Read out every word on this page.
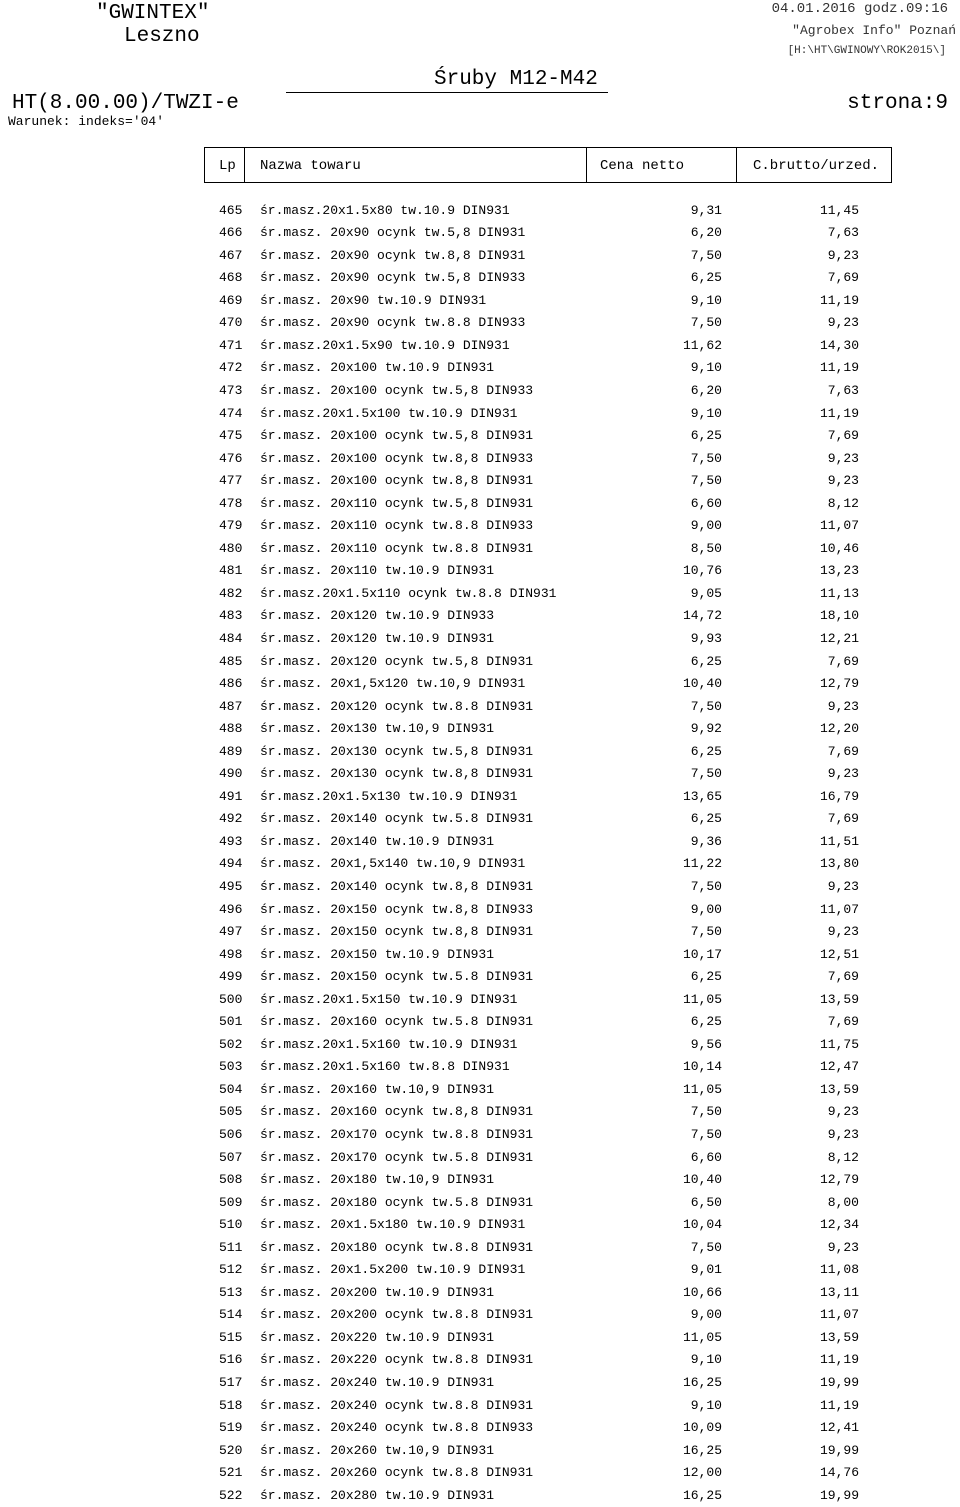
"GWINTEX"
Leszno
04.01.2016 godz.09:16
"Agrobex Info" Poznań
[H:\HT\GWINOWY\ROK2015\]
Śruby M12-M42
HT(8.00.00)/TWZI-e	strona:9
Warunek: indeks='04'
Lp Nazwa towaru	Cena netto	C.brutto/urzed.
465 śr.masz.20x1.5x80 tw.10.9 DIN931	9,31	11,45
466 śr.masz. 20x90 ocynk tw.5,8 DIN931	6,20	7,63
467 śr.masz. 20x90 ocynk tw.8,8 DIN931	7,50	9,23
468 śr.masz. 20x90 ocynk tw.5,8 DIN933	6,25	7,69
469 śr.masz. 20x90 tw.10.9 DIN931	9,10	11,19
470 śr.masz. 20x90 ocynk tw.8.8 DIN933	7,50	9,23
471 śr.masz.20x1.5x90 tw.10.9 DIN931	11,62	14,30
472 śr.masz. 20x100 tw.10.9 DIN931	9,10	11,19
473 śr.masz. 20x100 ocynk tw.5,8 DIN933	6,20	7,63
474 śr.masz.20x1.5x100 tw.10.9 DIN931	9,10	11,19
475 śr.masz. 20x100 ocynk tw.5,8 DIN931	6,25	7,69
476 śr.masz. 20x100 ocynk tw.8,8 DIN933	7,50	9,23
477 śr.masz. 20x100 ocynk tw.8,8 DIN931	7,50	9,23
478 śr.masz. 20x110 ocynk tw.5,8 DIN931	6,60	8,12
479 śr.masz. 20x110 ocynk tw.8.8 DIN933	9,00	11,07
480 śr.masz. 20x110 ocynk tw.8.8 DIN931	8,50	10,46
481 śr.masz. 20x110 tw.10.9 DIN931	10,76	13,23
482 śr.masz.20x1.5x110 ocynk tw.8.8 DIN931	9,05	11,13
483 śr.masz. 20x120 tw.10.9 DIN933	14,72	18,10
484 śr.masz. 20x120 tw.10.9 DIN931	9,93	12,21
485 śr.masz. 20x120 ocynk tw.5,8 DIN931	6,25	7,69
486 śr.masz. 20x1,5x120 tw.10,9 DIN931	10,40	12,79
487 śr.masz. 20x120 ocynk tw.8.8 DIN931	7,50	9,23
488 śr.masz. 20x130 tw.10,9 DIN931	9,92	12,20
489 śr.masz. 20x130 ocynk tw.5,8 DIN931	6,25	7,69
490 śr.masz. 20x130 ocynk tw.8,8 DIN931	7,50	9,23
491 śr.masz.20x1.5x130 tw.10.9 DIN931	13,65	16,79
492 śr.masz. 20x140 ocynk tw.5.8 DIN931	6,25	7,69
493 śr.masz. 20x140 tw.10.9 DIN931	9,36	11,51
494 śr.masz. 20x1,5x140 tw.10,9 DIN931	11,22	13,80
495 śr.masz. 20x140 ocynk tw.8,8 DIN931	7,50	9,23
496 śr.masz. 20x150 ocynk tw.8,8 DIN933	9,00	11,07
497 śr.masz. 20x150 ocynk tw.8,8 DIN931	7,50	9,23
498 śr.masz. 20x150 tw.10.9 DIN931	10,17	12,51
499 śr.masz. 20x150 ocynk tw.5.8 DIN931	6,25	7,69
500 śr.masz.20x1.5x150 tw.10.9 DIN931	11,05	13,59
501 śr.masz. 20x160 ocynk tw.5.8 DIN931	6,25	7,69
502 śr.masz.20x1.5x160 tw.10.9 DIN931	9,56	11,75
503 śr.masz.20x1.5x160 tw.8.8 DIN931	10,14	12,47
504 śr.masz. 20x160 tw.10,9 DIN931	11,05	13,59
505 śr.masz. 20x160 ocynk tw.8,8 DIN931	7,50	9,23
506 śr.masz. 20x170 ocynk tw.8.8 DIN931	7,50	9,23
507 śr.masz. 20x170 ocynk tw.5.8 DIN931	6,60	8,12
508 śr.masz. 20x180 tw.10,9 DIN931	10,40	12,79
509 śr.masz. 20x180 ocynk tw.5.8 DIN931	6,50	8,00
510 śr.masz. 20x1.5x180 tw.10.9 DIN931	10,04	12,34
511 śr.masz. 20x180 ocynk tw.8.8 DIN931	7,50	9,23
512 śr.masz. 20x1.5x200 tw.10.9 DIN931	9,01	11,08
513 śr.masz. 20x200 tw.10.9 DIN931	10,66	13,11
514 śr.masz. 20x200 ocynk tw.8.8 DIN931	9,00	11,07
515 śr.masz. 20x220 tw.10.9 DIN931	11,05	13,59
516 śr.masz. 20x220 ocynk tw.8.8 DIN931	9,10	11,19
517 śr.masz. 20x240 tw.10.9 DIN931	16,25	19,99
518 śr.masz. 20x240 ocynk tw.8.8 DIN931	9,10	11,19
519 śr.masz. 20x240 ocynk tw.8.8 DIN933	10,09	12,41
520 śr.masz. 20x260 tw.10,9 DIN931	16,25	19,99
521 śr.masz. 20x260 ocynk tw.8.8 DIN931	12,00	14,76
522 śr.masz. 20x280 tw.10.9 DIN931	16,25	19,99
